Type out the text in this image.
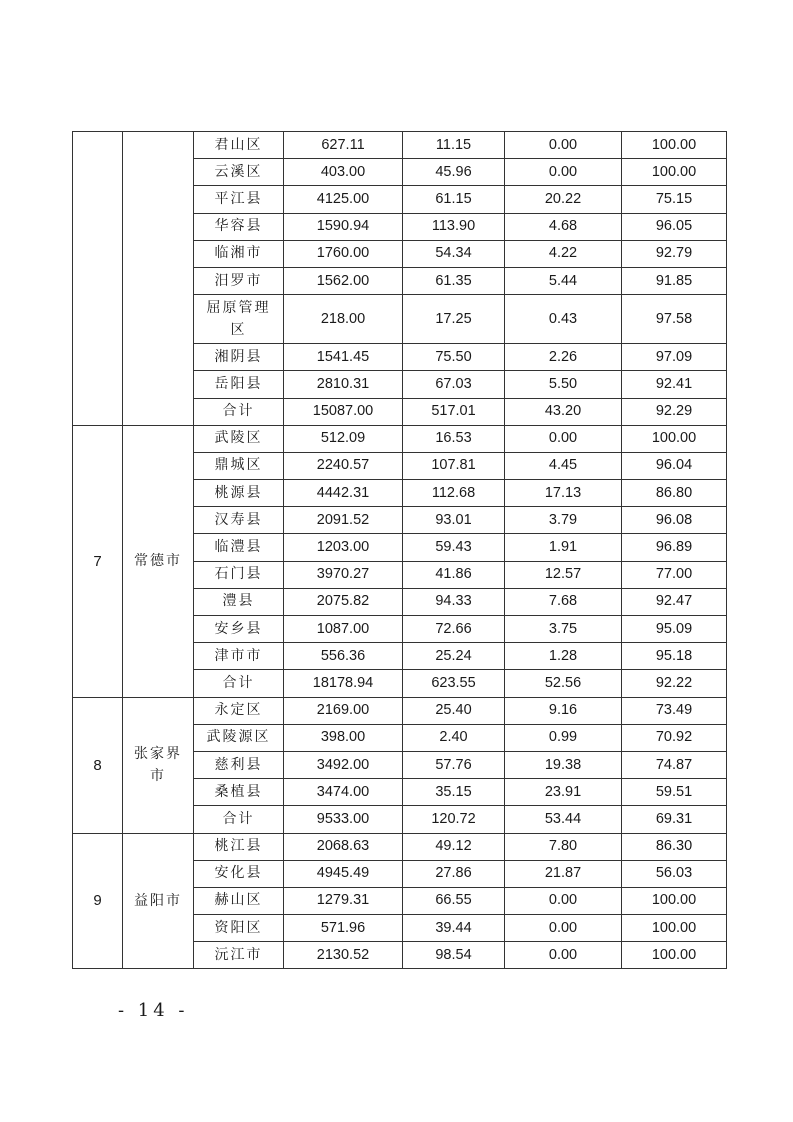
		君山区	627.11	11.15	0.00	100.00
		云溪区	403.00	45.96	0.00	100.00
		平江县	4125.00	61.15	20.22	75.15
		华容县	1590.94	113.90	4.68	96.05
		临湘市	1760.00	54.34	4.22	92.79
		汨罗市	1562.00	61.35	5.44	91.85
		屈原管理区	218.00	17.25	0.43	97.58
		湘阴县	1541.45	75.50	2.26	97.09
		岳阳县	2810.31	67.03	5.50	92.41
		合计	15087.00	517.01	43.20	92.29
7	常德市	武陵区	512.09	16.53	0.00	100.00
		鼎城区	2240.57	107.81	4.45	96.04
		桃源县	4442.31	112.68	17.13	86.80
		汉寿县	2091.52	93.01	3.79	96.08
		临澧县	1203.00	59.43	1.91	96.89
		石门县	3970.27	41.86	12.57	77.00
		澧县	2075.82	94.33	7.68	92.47
		安乡县	1087.00	72.66	3.75	95.09
		津市市	556.36	25.24	1.28	95.18
		合计	18178.94	623.55	52.56	92.22
8	张家界市	永定区	2169.00	25.40	9.16	73.49
		武陵源区	398.00	2.40	0.99	70.92
		慈利县	3492.00	57.76	19.38	74.87
		桑植县	3474.00	35.15	23.91	59.51
		合计	9533.00	120.72	53.44	69.31
9	益阳市	桃江县	2068.63	49.12	7.80	86.30
		安化县	4945.49	27.86	21.87	56.03
		赫山区	1279.31	66.55	0.00	100.00
		资阳区	571.96	39.44	0.00	100.00
		沅江市	2130.52	98.54	0.00	100.00
- 14 -
